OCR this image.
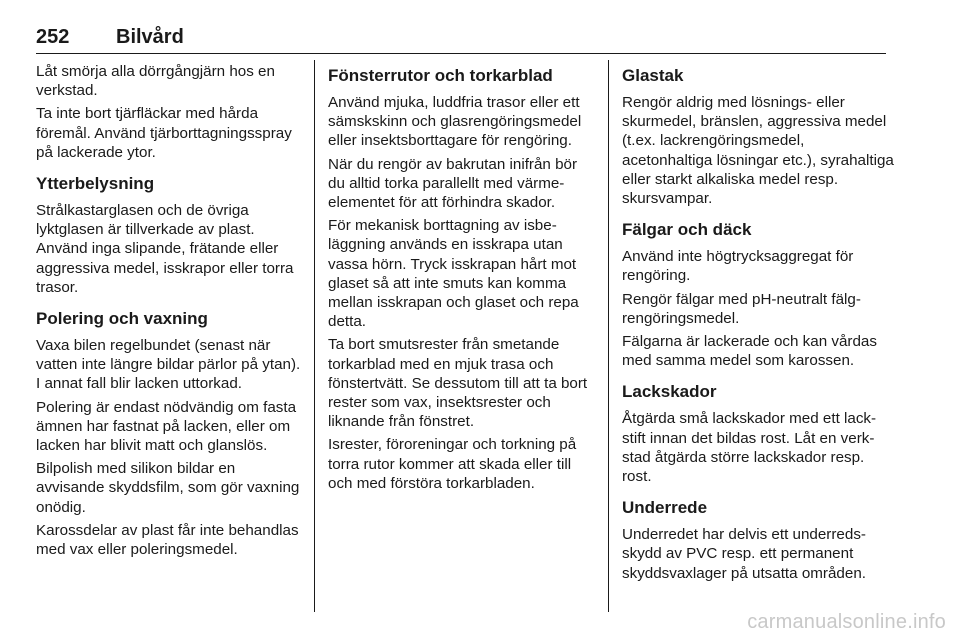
252 Bilvård

Låt smörja alla dörrgångjärn hos en verkstad.

Ta inte bort tjärfläckar med hårda föremål. Använd tjärborttagningsspray på lackerade ytor.

Ytterbelysning

Strålkastarglasen och de övriga lyktglasen är tillverkade av plast. Använd inga slipande, frätande eller aggressiva medel, isskrapor eller torra trasor.

Polering och vaxning

Vaxa bilen regelbundet (senast när vatten inte längre bildar pärlor på ytan). I annat fall blir lacken uttorkad.

Polering är endast nödvändig om fasta ämnen har fastnat på lacken, eller om lacken har blivit matt och glanslös.

Bilpolish med silikon bildar en avvisande skyddsfilm, som gör vaxning onödig.

Karossdelar av plast får inte behandlas med vax eller poleringsmedel.

Fönsterrutor och torkarblad

Använd mjuka, luddfria trasor eller ett sämskskinn och glasrengöringsmedel eller insektsborttagare för rengöring.

När du rengör av bakrutan inifrån bör du alltid torka parallellt med värmeelementet för att förhindra skador.

För mekanisk borttagning av isbeläggning används en isskrapa utan vassa hörn. Tryck isskrapan hårt mot glaset så att inte smuts kan komma mellan isskrapan och glaset och repa detta.

Ta bort smutsrester från smetande torkarblad med en mjuk trasa och fönstertvätt. Se dessutom till att ta bort rester som vax, insektsrester och liknande från fönstret.

Isrester, föroreningar och torkning på torra rutor kommer att skada eller till och med förstöra torkarbladen.

Glastak

Rengör aldrig med lösnings- eller skurmedel, bränslen, aggressiva medel (t.ex. lackrengöringsmedel, acetonhaltiga lösningar etc.), syrahaltiga eller starkt alkaliska medel resp. skursvampar.

Fälgar och däck

Använd inte högtrycksaggregat för rengöring.

Rengör fälgar med pH-neutralt fälgrengöringsmedel.

Fälgarna är lackerade och kan vårdas med samma medel som karossen.

Lackskador

Åtgärda små lackskador med ett lackstift innan det bildas rost. Låt en verkstad åtgärda större lackskador resp. rost.

Underrede

Underredet har delvis ett underredsskydd av PVC resp. ett permanent skyddsvaxlager på utsatta områden.

carmanualsonline.info
